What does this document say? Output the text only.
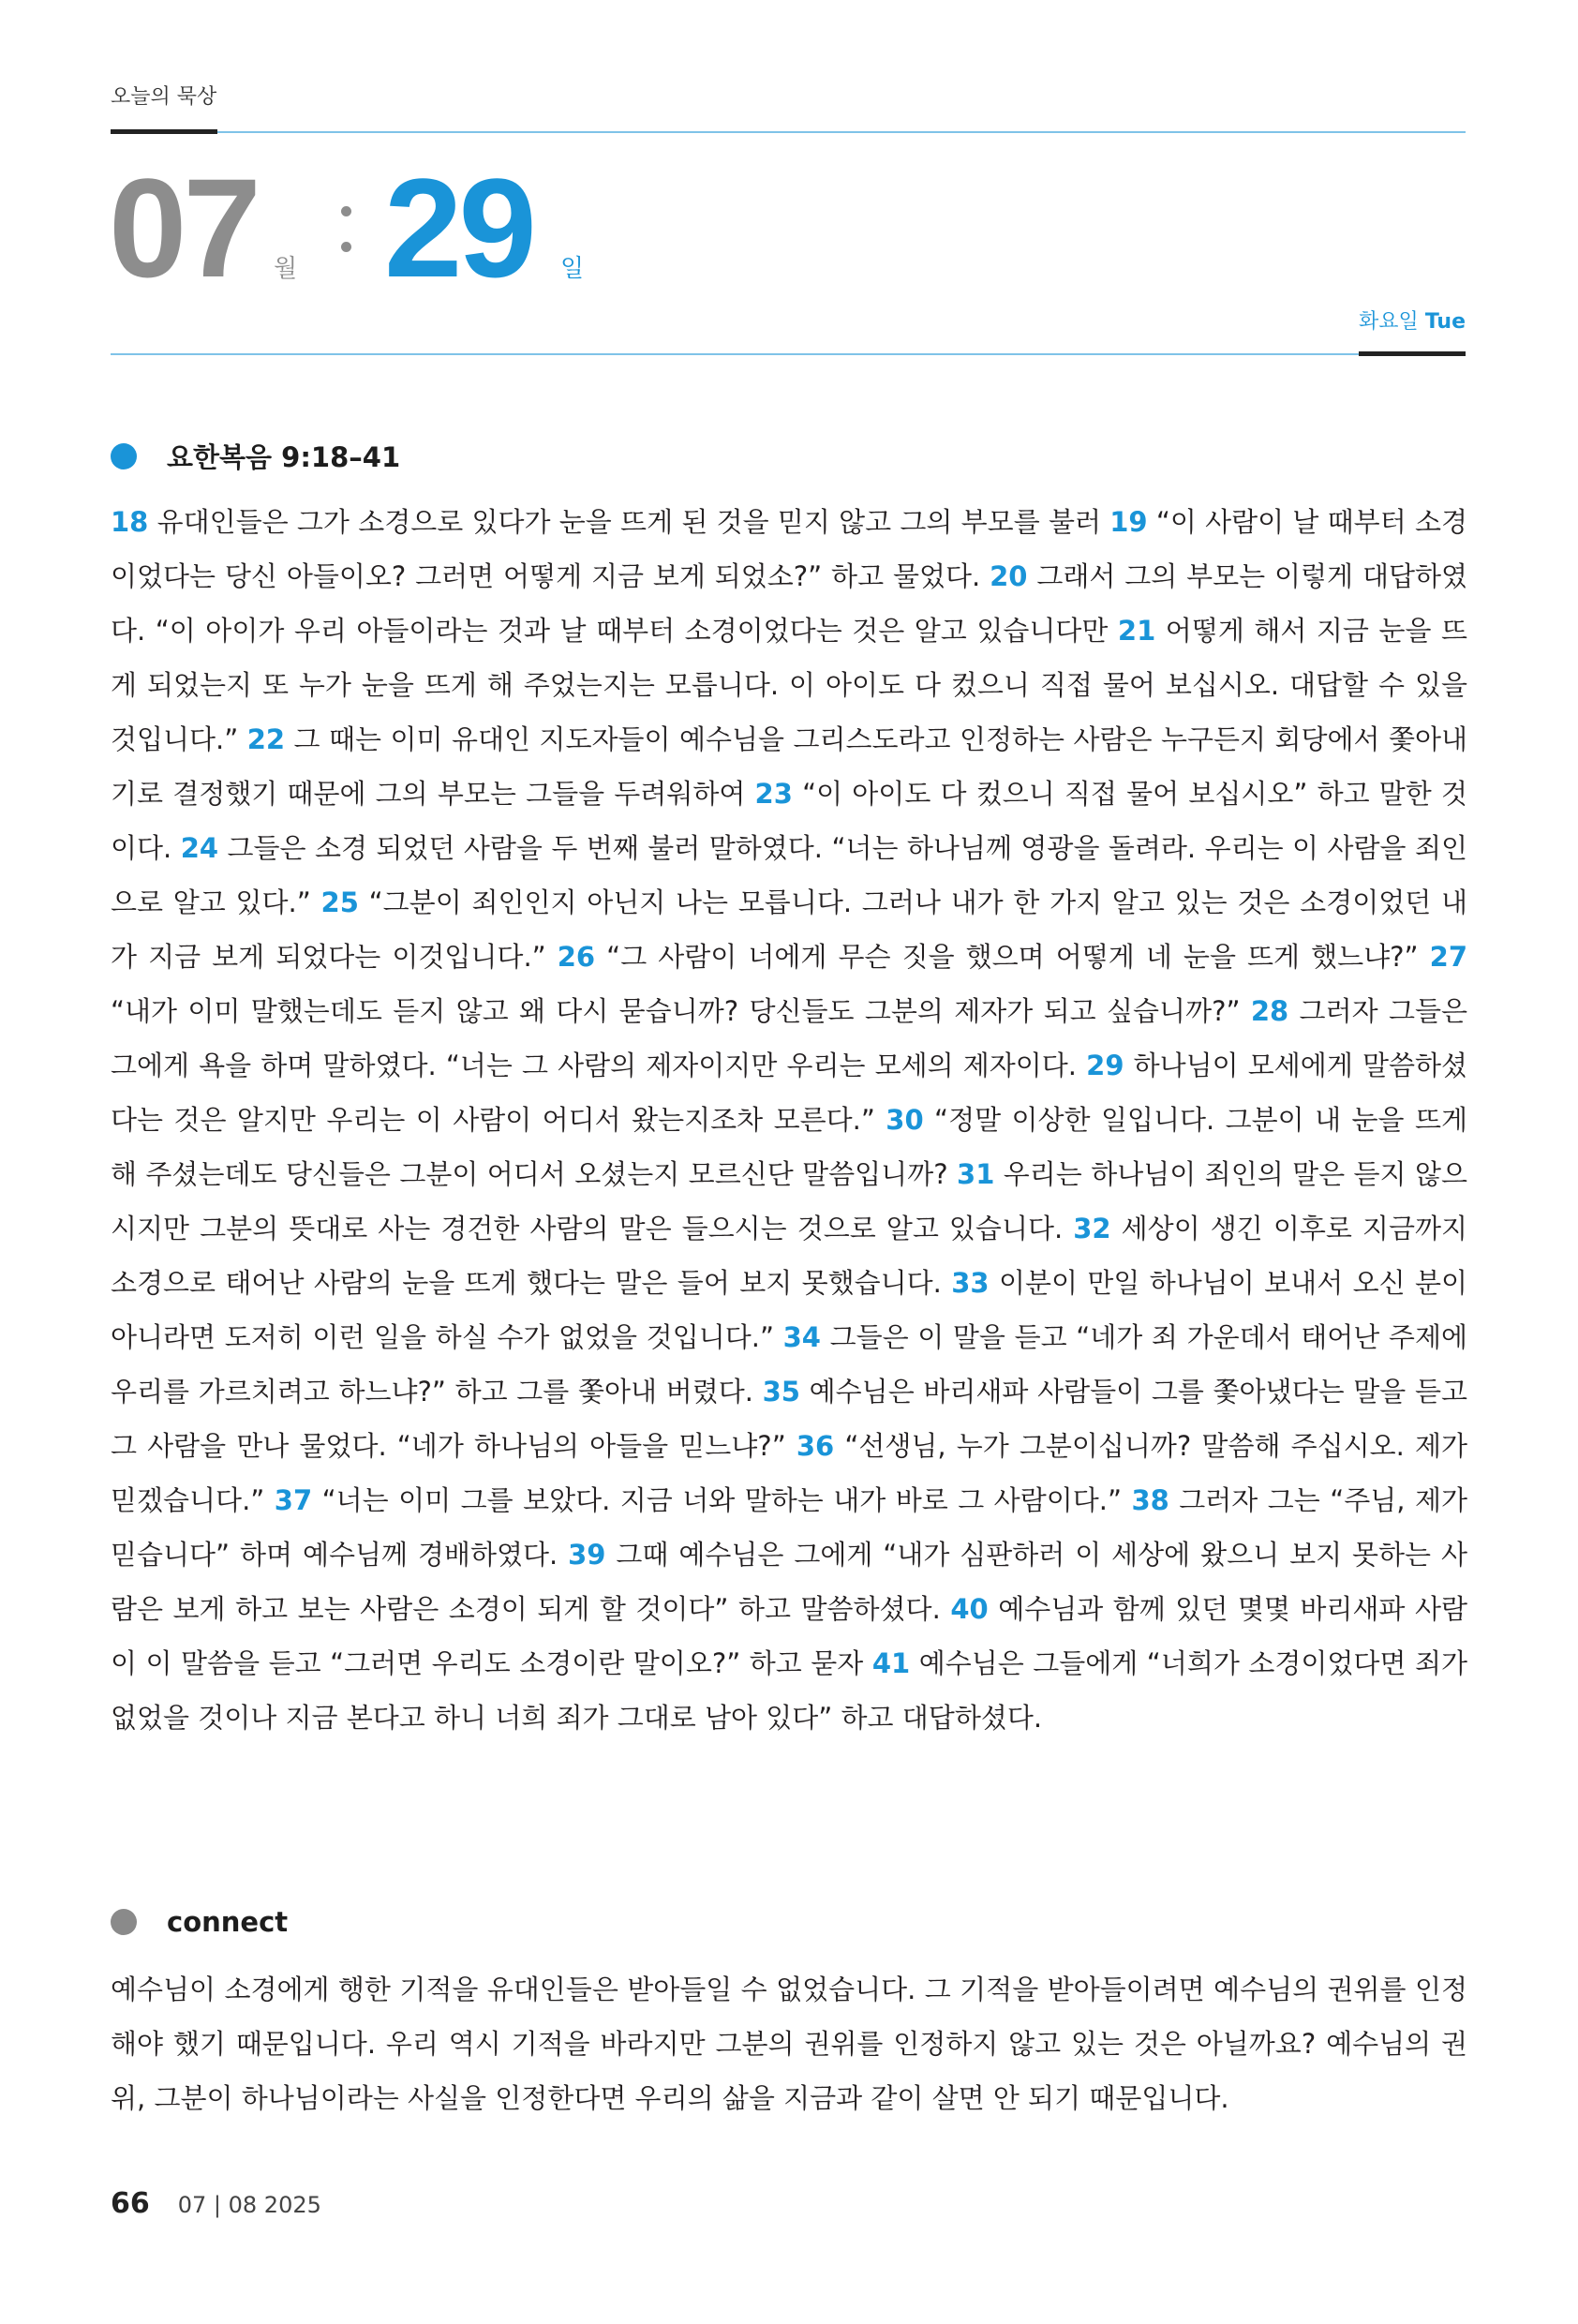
오늘의 묵상
07 월 29 일
화요일 Tue
요한복음 9:18–41
18 유대인들은 그가 소경으로 있다가 눈을 뜨게 된 것을 믿지 않고 그의 부모를 불러 19 “이 사람이 날 때부터 소경이었다는 당신 아들이오? 그러면 어떻게 지금 보게 되었소?” 하고 물었다. 20 그래서 그의 부모는 이렇게 대답하였다. “이 아이가 우리 아들이라는 것과 날 때부터 소경이었다는 것은 알고 있습니다만 21 어떻게 해서 지금 눈을 뜨게 되었는지 또 누가 눈을 뜨게 해 주었는지는 모릅니다. 이 아이도 다 컸으니 직접 물어 보십시오. 대답할 수 있을 것입니다.” 22 그 때는 이미 유대인 지도자들이 예수님을 그리스도라고 인정하는 사람은 누구든지 회당에서 쫓아내기로 결정했기 때문에 그의 부모는 그들을 두려워하여 23 “이 아이도 다 컸으니 직접 물어 보십시오” 하고 말한 것이다. 24 그들은 소경 되었던 사람을 두 번째 불러 말하였다. “너는 하나님께 영광을 돌려라. 우리는 이 사람을 죄인으로 알고 있다.” 25 “그분이 죄인인지 아닌지 나는 모릅니다. 그러나 내가 한 가지 알고 있는 것은 소경이었던 내가 지금 보게 되었다는 이것입니다.” 26 “그 사람이 너에게 무슨 짓을 했으며 어떻게 네 눈을 뜨게 했느냐?” 27 “내가 이미 말했는데도 듣지 않고 왜 다시 묻습니까? 당신들도 그분의 제자가 되고 싶습니까?” 28 그러자 그들은 그에게 욕을 하며 말하였다. “너는 그 사람의 제자이지만 우리는 모세의 제자이다. 29 하나님이 모세에게 말씀하셨다는 것은 알지만 우리는 이 사람이 어디서 왔는지조차 모른다.” 30 “정말 이상한 일입니다. 그분이 내 눈을 뜨게 해 주셨는데도 당신들은 그분이 어디서 오셨는지 모르신단 말씀입니까? 31 우리는 하나님이 죄인의 말은 듣지 않으시지만 그분의 뜻대로 사는 경건한 사람의 말은 들으시는 것으로 알고 있습니다. 32 세상이 생긴 이후로 지금까지 소경으로 태어난 사람의 눈을 뜨게 했다는 말은 들어 보지 못했습니다. 33 이분이 만일 하나님이 보내서 오신 분이 아니라면 도저히 이런 일을 하실 수가 없었을 것입니다.” 34 그들은 이 말을 듣고 “네가 죄 가운데서 태어난 주제에 우리를 가르치려고 하느냐?” 하고 그를 쫓아내 버렸다. 35 예수님은 바리새파 사람들이 그를 쫓아냈다는 말을 듣고 그 사람을 만나 물었다. “네가 하나님의 아들을 믿느냐?” 36 “선생님, 누가 그분이십니까? 말씀해 주십시오. 제가 믿겠습니다.” 37 “너는 이미 그를 보았다. 지금 너와 말하는 내가 바로 그 사람이다.” 38 그러자 그는 “주님, 제가 믿습니다” 하며 예수님께 경배하였다. 39 그때 예수님은 그에게 “내가 심판하러 이 세상에 왔으니 보지 못하는 사람은 보게 하고 보는 사람은 소경이 되게 할 것이다” 하고 말씀하셨다. 40 예수님과 함께 있던 몇몇 바리새파 사람이 이 말씀을 듣고 “그러면 우리도 소경이란 말이오?” 하고 묻자 41 예수님은 그들에게 “너희가 소경이었다면 죄가 없었을 것이나 지금 본다고 하니 너희 죄가 그대로 남아 있다” 하고 대답하셨다.
connect
예수님이 소경에게 행한 기적을 유대인들은 받아들일 수 없었습니다. 그 기적을 받아들이려면 예수님의 권위를 인정해야 했기 때문입니다. 우리 역시 기적을 바라지만 그분의 권위를 인정하지 않고 있는 것은 아닐까요? 예수님의 권위, 그분이 하나님이라는 사실을 인정한다면 우리의 삶을 지금과 같이 살면 안 되기 때문입니다.
66 07 | 08 2025
